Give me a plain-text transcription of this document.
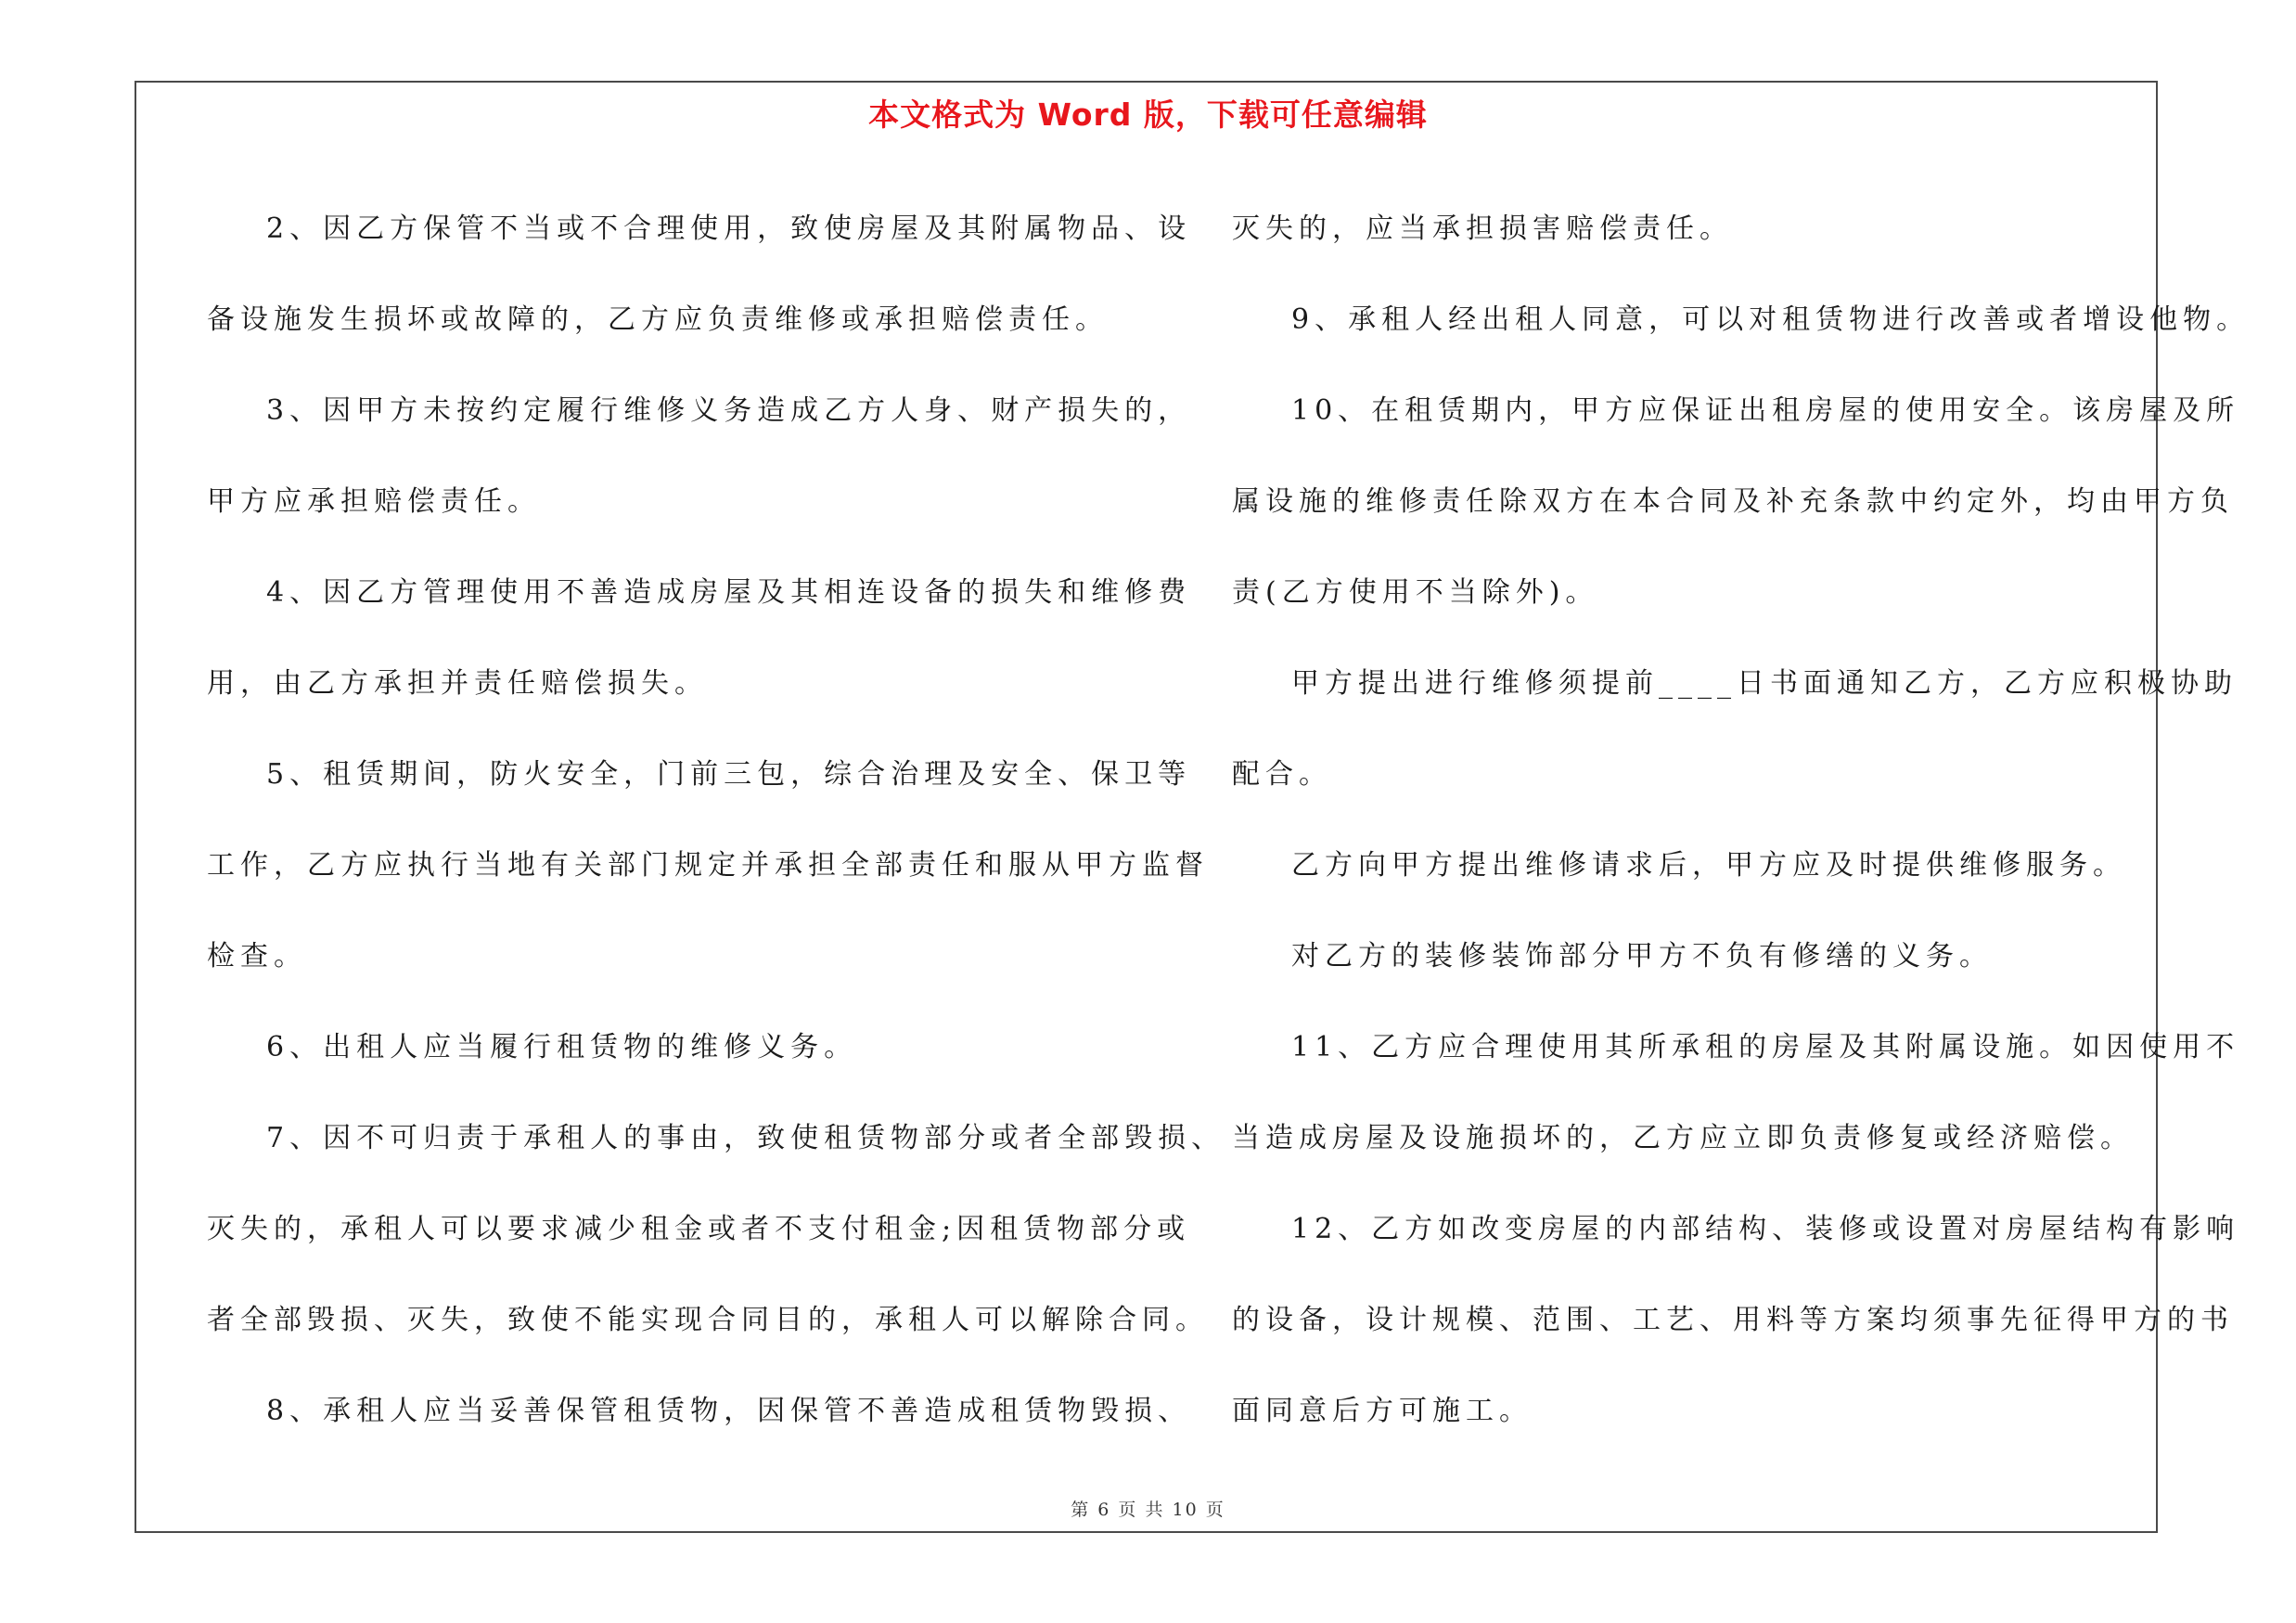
本文格式为 Word 版，下载可任意编辑
2、因乙方保管不当或不合理使用，致使房屋及其附属物品、设
备设施发生损坏或故障的，乙方应负责维修或承担赔偿责任。
3、因甲方未按约定履行维修义务造成乙方人身、财产损失的，
甲方应承担赔偿责任。
4、因乙方管理使用不善造成房屋及其相连设备的损失和维修费
用，由乙方承担并责任赔偿损失。
5、租赁期间，防火安全，门前三包，综合治理及安全、保卫等
工作，乙方应执行当地有关部门规定并承担全部责任和服从甲方监督
检查。
6、出租人应当履行租赁物的维修义务。
7、因不可归责于承租人的事由，致使租赁物部分或者全部毁损、
灭失的，承租人可以要求减少租金或者不支付租金;因租赁物部分或
者全部毁损、灭失，致使不能实现合同目的，承租人可以解除合同。
8、承租人应当妥善保管租赁物，因保管不善造成租赁物毁损、
灭失的，应当承担损害赔偿责任。
9、承租人经出租人同意，可以对租赁物进行改善或者增设他物。
10、在租赁期内，甲方应保证出租房屋的使用安全。该房屋及所
属设施的维修责任除双方在本合同及补充条款中约定外，均由甲方负
责(乙方使用不当除外)。
甲方提出进行维修须提前____日书面通知乙方，乙方应积极协助
配合。
乙方向甲方提出维修请求后，甲方应及时提供维修服务。
对乙方的装修装饰部分甲方不负有修缮的义务。
11、乙方应合理使用其所承租的房屋及其附属设施。如因使用不
当造成房屋及设施损坏的，乙方应立即负责修复或经济赔偿。
12、乙方如改变房屋的内部结构、装修或设置对房屋结构有影响
的设备，设计规模、范围、工艺、用料等方案均须事先征得甲方的书
面同意后方可施工。
第 6 页 共 10 页
